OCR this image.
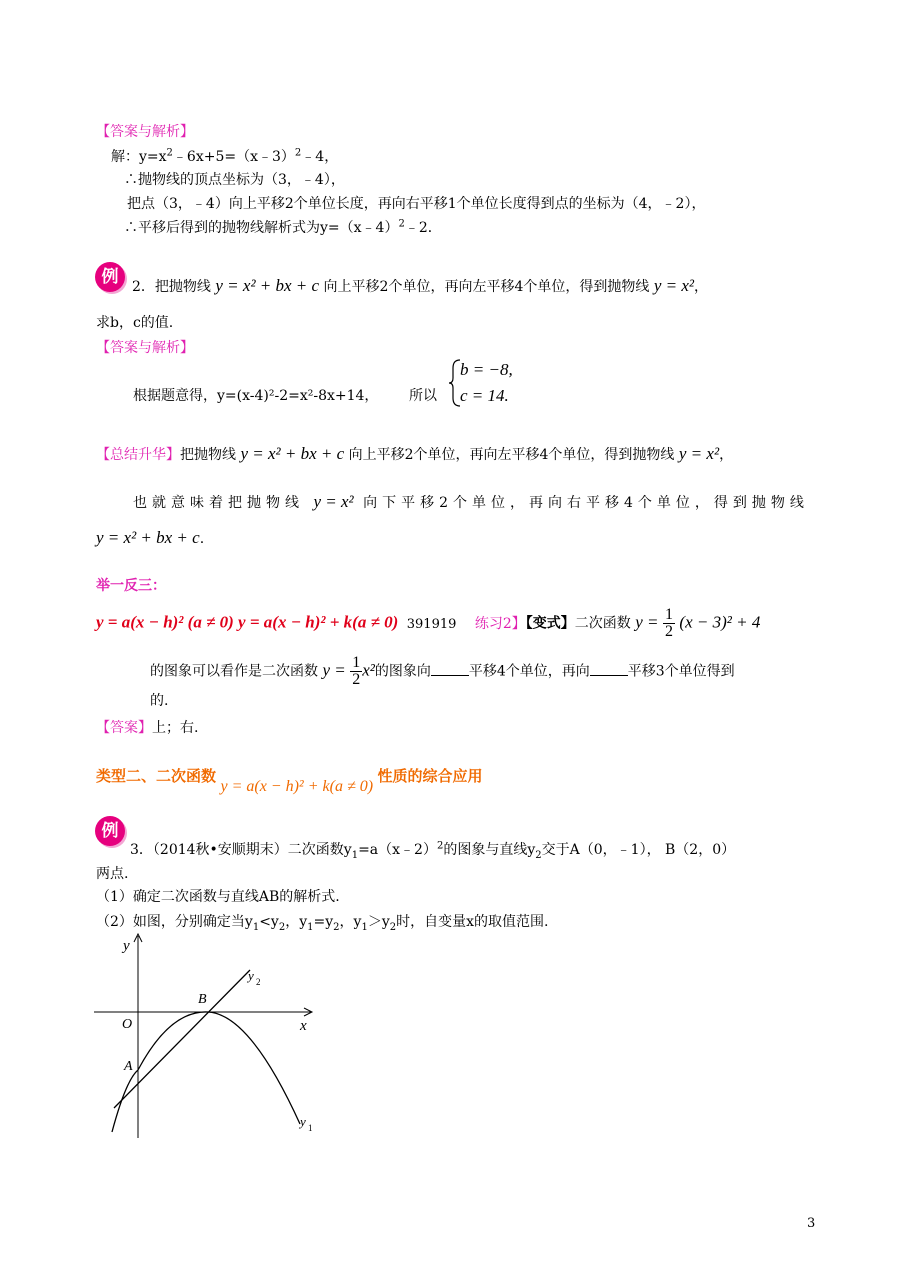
【答案与解析】
解：$y=x^2﹣6x+5=(x﹣3)^2﹣4$，
∴抛物线的顶点坐标为（3，﹣4），
把点（3，﹣4）向上平移2个单位长度，再向右平移1个单位长度得到点的坐标为（4，﹣2），
∴平移后得到的抛物线解析式为y=（x﹣4）$^2$﹣2．
例 2．把抛物线 y = x² + bx + c 向上平移2个单位，再向左平移4个单位，得到抛物线 y = x²，
求b，c的值.
【答案与解析】
根据题意得，y=(x-4)²-2=x²-8x+14， 所以
b = −8,
c = 14.
【总结升华】把抛物线 y = x² + bx + c 向上平移2个单位，再向左平移4个单位，得到抛物线 y = x²，
也就意味着把抛物线 y = x² 向下平移2个单位，再向右平移4个单位，得到抛物线
y = x² + bx + c.
举一反三：
y = a(x − h)² (a ≠ 0) y = a(x − h)² + k(a ≠ 0) 391919 练习2】【变式】二次函数 $y = \frac{1}{2} (x - 3)^2 + 4$
的图象可以看作是二次函数 $y = \frac{1}{2} x^2$的图象向	平移4个单位，再向	平移3个单位得到
的.
【答案】上；右.
类型二、二次函数 y = a(x − h)² + k(a ≠ 0) 性质的综合应用
例
3．（2014秋•安顺期末）二次函数$y_1=a(x﹣2)^2$的图象与直线$y_2$交于A（0，﹣1）， B（2，0）
两点.
（1）确定二次函数与直线AB的解析式.
（2）如图，分别确定当$y_1<y_2$，$y_1=y_2$，$y_1>y_2$时，自变量x的取值范围.
y
x
O
A
B
y 2
y 1
3
